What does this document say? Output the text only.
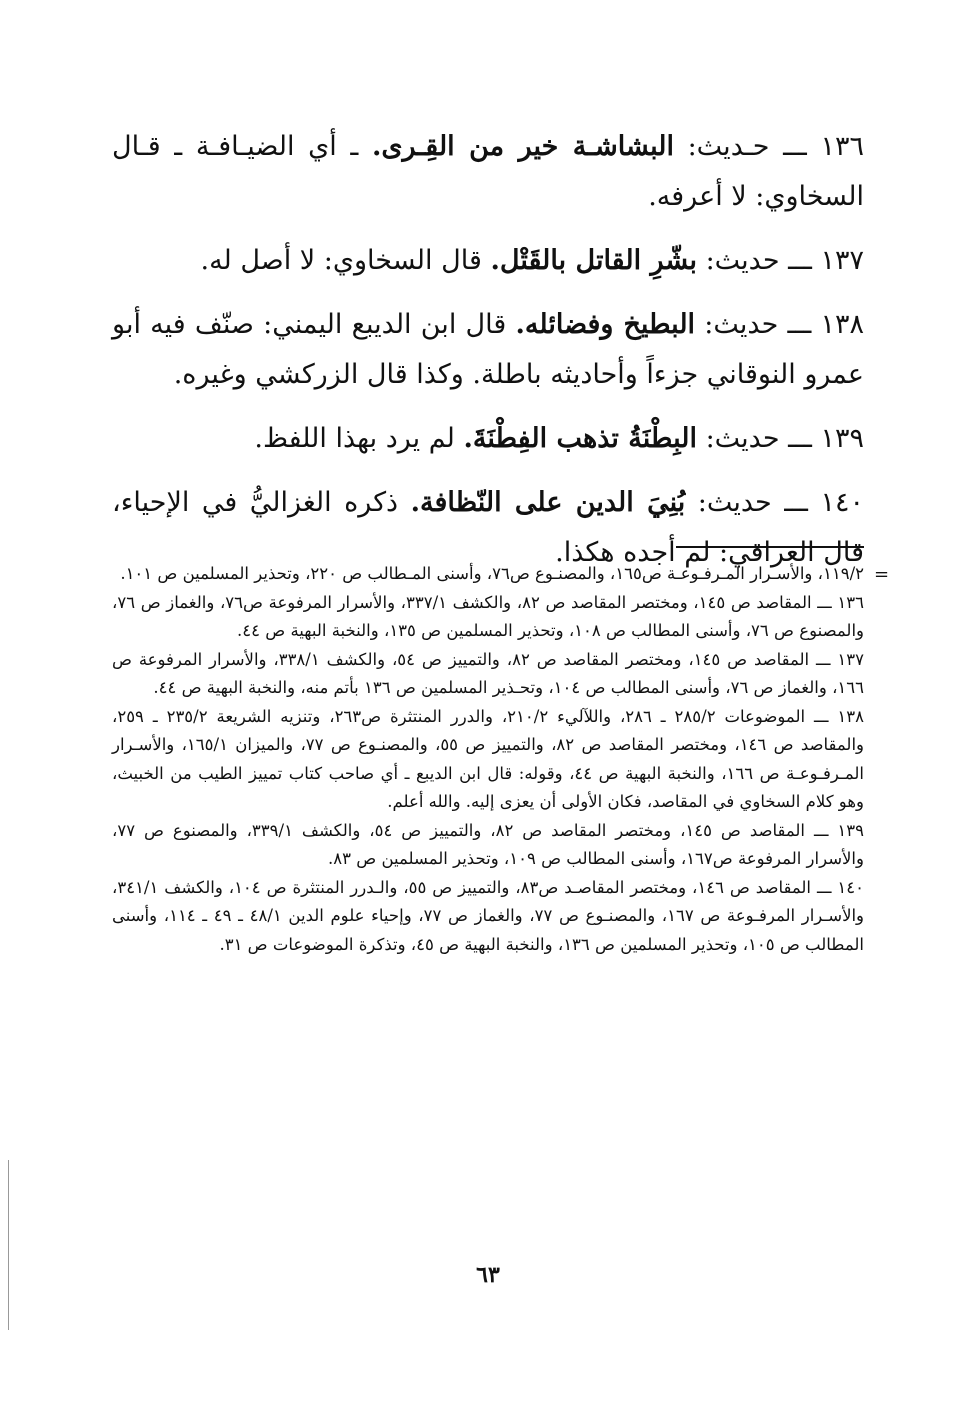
١٣٦ ـــ حـديث: البشاشـة خير من القِـرى. ـ أي الضيـافـة ـ قـال السخاوي: لا أعرفه.

١٣٧ ـــ حديث: بشّرِ القاتل بالقَتْل. قال السخاوي: لا أصل له.

١٣٨ ـــ حديث: البطيخ وفضائله. قال ابن الديبع اليمني: صنّف فيه أبو عمرو النوقاني جزءاً وأحاديثه باطلة. وكذا قال الزركشي وغيره.

١٣٩ ـــ حديث: البِطْنَةُ تذهب الفِطْنَةَ. لم يرد بهذا اللفظ.

١٤٠ ـــ حديث: بُنِيَ الدين على النّظافة. ذكره الغزاليُّ في الإحياء، قال العراقي: لم أجده هكذا.

=

١١٩/٢، والأسـرار المـرفـوعـة ص١٦٥، والمصنـوع ص٧٦، وأسنى المـطالب ص ٢٢٠، وتحذير المسلمين ص ١٠١.

١٣٦ ـــ المقاصد ص ١٤٥، ومختصر المقاصد ص ٨٢، والكشف ٣٣٧/١، والأسرار المرفوعة ص٧٦، والغماز ص ٧٦، والمصنوع ص ٧٦، وأسنى المطالب ص ١٠٨، وتحذير المسلمين ص ١٣٥، والنخبة البهية ص ٤٤.

١٣٧ ـــ المقاصد ص ١٤٥، ومختصر المقاصد ص ٨٢، والتمييز ص ٥٤، والكشف ٣٣٨/١، والأسرار المرفوعة ص ١٦٦، والغماز ص ٧٦، وأسنى المطالب ص ١٠٤، وتحـذير المسلمين ص ١٣٦ بأتم منه، والنخبة البهية ص ٤٤.

١٣٨ ـــ الموضوعات ٢٨٥/٢ ـ ٢٨٦، واللآليء ٢١٠/٢، والدرر المنتثرة ص٢٦٣، وتنزيه الشريعة ٢٣٥/٢ ـ ٢٥٩، والمقاصد ص ١٤٦، ومختصر المقاصد ص ٨٢، والتمييز ص ٥٥، والمصنـوع ص ٧٧، والميزان ١٦٥/١، والأسـرار المـرفـوعـة ص ١٦٦، والنخبة البهية ص ٤٤، وقوله: قال ابن الديبع ـ أي صاحب كتاب تمييز الطيب من الخبيث، وهو كلام السخاوي في المقاصد، فكان الأولى أن يعزى إليه. والله أعلم.

١٣٩ ـــ المقاصد ص ١٤٥، ومختصر المقاصد ص ٨٢، والتمييز ص ٥٤، والكشف ٣٣٩/١، والمصنوع ص ٧٧، والأسرار المرفوعة ص١٦٧، وأسنى المطالب ص ١٠٩، وتحذير المسلمين ص ٨٣.

١٤٠ ـــ المقاصد ص ١٤٦، ومختصر المقاصـد ص٨٣، والتمييز ص ٥٥، والـدرر المنتثرة ص ١٠٤، والكشف ٣٤١/١، والأسـرار المرفـوعة ص ١٦٧، والمصنـوع ص ٧٧، والغماز ص ٧٧، وإحياء علوم الدين ٤٨/١ ـ ٤٩ ـ ١١٤، وأسنى المطالب ص ١٠٥، وتحذير المسلمين ص ١٣٦، والنخبة البهية ص ٤٥، وتذكرة الموضوعات ص ٣١.

٦٣
